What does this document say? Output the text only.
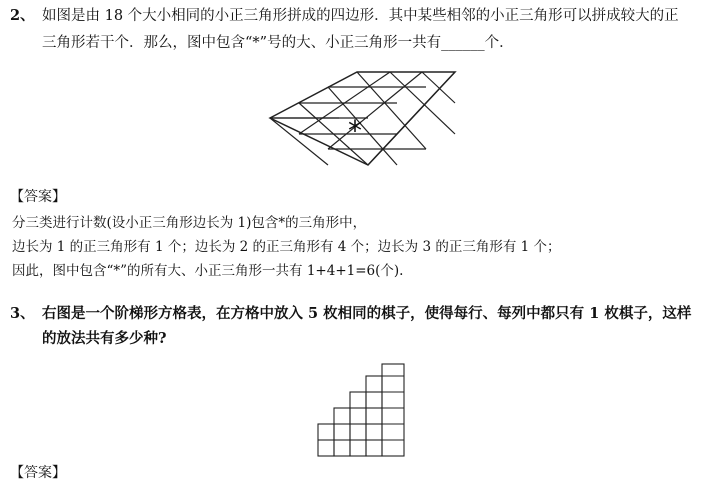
2、 如图是由 18 个大小相同的小正三角形拼成的四边形．其中某些相邻的小正三角形可以拼成较大的正
三角形若干个．那么，图中包含“*”号的大、小正三角形一共有______个．
*
【答案】
分三类进行计数(设小正三角形边长为 1)包含*的三角形中，
边长为 1 的正三角形有 1 个；边长为 2 的正三角形有 4 个；边长为 3 的正三角形有 1 个；
因此，图中包含“*”的所有大、小正三角形一共有 1+4+1=6(个).
3、 右图是一个阶梯形方格表，在方格中放入 5 枚相同的棋子，使得每行、每列中都只有 1 枚棋子，这样
的放法共有多少种?
【答案】
